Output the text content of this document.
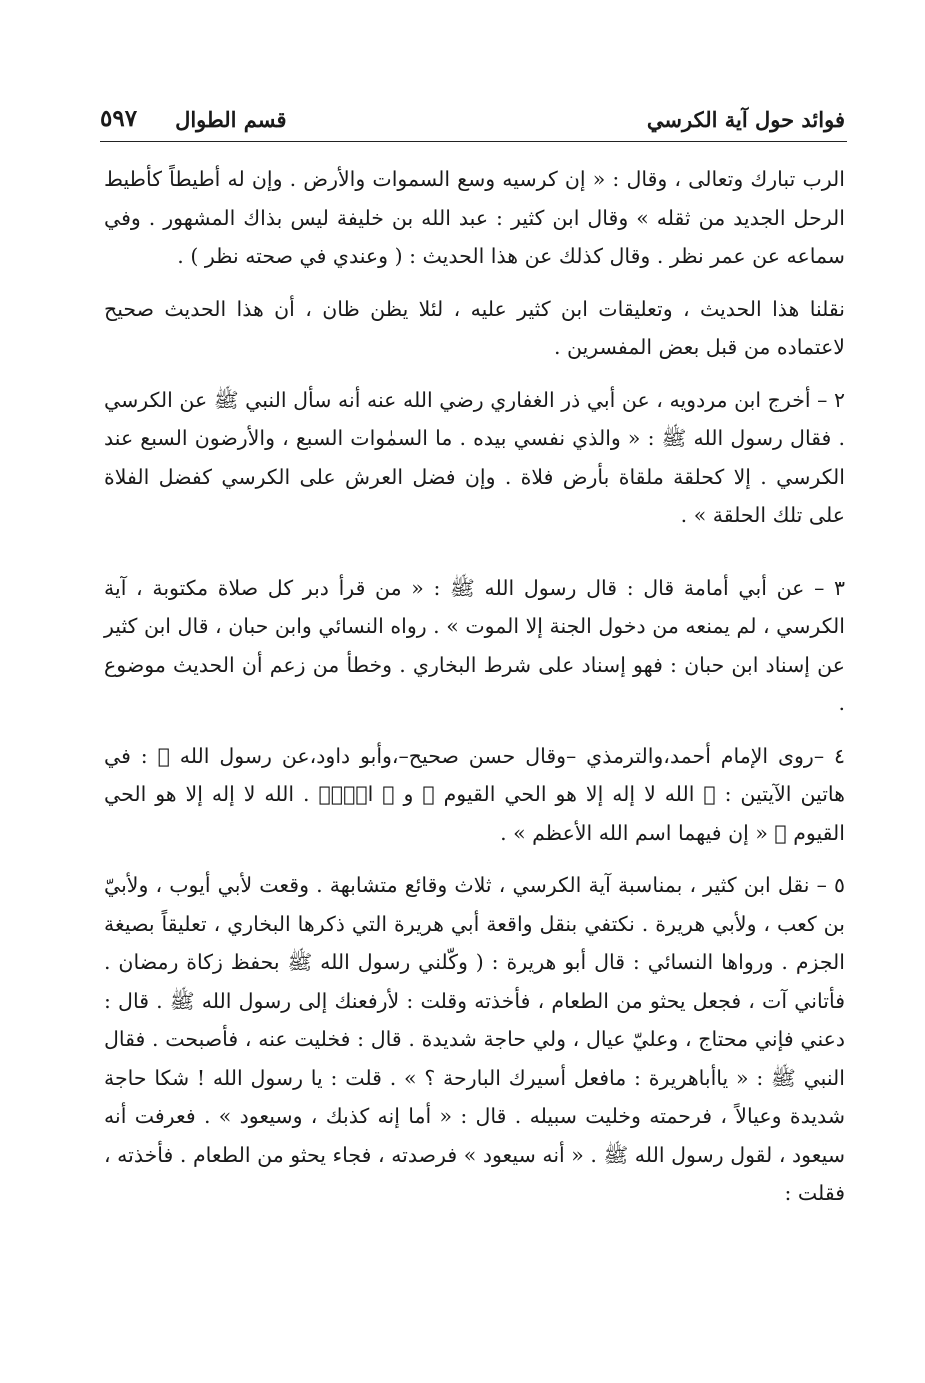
فوائد حول آية الكرسي
قسم الطوال
٥٩٧

الرب تبارك وتعالى ، وقال : « إن كرسيه وسع السموات والأرض . وإن له أطيطاً كأطيط الرحل الجديد من ثقله » وقال ابن كثير : عبد الله بن خليفة ليس بذاك المشهور . وفي سماعه عن عمر نظر . وقال كذلك عن هذا الحديث : ( وعندي في صحته نظر ) .

نقلنا هذا الحديث ، وتعليقات ابن كثير عليه ، لئلا يظن ظان ، أن هذا الحديث صحيح لاعتماده من قبل بعض المفسرين .

٢ – أخرج ابن مردويه ، عن أبي ذر الغفاري رضي الله عنه أنه سأل النبي ﷺ عن الكرسي . فقال رسول الله ﷺ : « والذي نفسي بيده . ما السمٰوات السبع ، والأرضون السبع عند الكرسي . إلا كحلقة ملقاة بأرض فلاة . وإن فضل العرش على الكرسي كفضل الفلاة على تلك الحلقة » .

٣ – عن أبي أمامة قال : قال رسول الله ﷺ : « من قرأ دبر كل صلاة مكتوبة ، آية الكرسي ، لم يمنعه من دخول الجنة إلا الموت » . رواه النسائي وابن حبان ، قال ابن كثير عن إسناد ابن حبان : فهو إسناد على شرط البخاري . وخطأ من زعم أن الحديث موضوع .

٤ –روى الإمام أحمد،والترمذي –وقال حسن صحيح–،وأبو داود،عن رسول الله ﷺ : في هاتين الآيتين : ﴿ الله لا إله إلا هو الحي القيوم ﴾ و ﴿ الۤمۤ . الله لا إله إلا هو الحي القيوم ﴾ « إن فيهما اسم الله الأعظم » .

٥ – نقل ابن كثير ، بمناسبة آية الكرسي ، ثلاث وقائع متشابهة . وقعت لأبي أيوب ، ولأبيّ بن كعب ، ولأبي هريرة . نكتفي بنقل واقعة أبي هريرة التي ذكرها البخاري ، تعليقاً بصيغة الجزم . ورواها النسائي : قال أبو هريرة : ( وكّلني رسول الله ﷺ بحفظ زكاة رمضان . فأتاني آت ، فجعل يحثو من الطعام ، فأخذته وقلت : لأرفعنك إلى رسول الله ﷺ . قال : دعني فإني محتاج ، وعليّ عيال ، ولي حاجة شديدة . قال : فخليت عنه ، فأصبحت . فقال النبي ﷺ : « ياأباهريرة : مافعل أسيرك البارحة ؟ » . قلت : يا رسول الله ! شكا حاجة شديدة وعيالاً ، فرحمته وخليت سبيله . قال : « أما إنه كذبك ، وسيعود » . فعرفت أنه سيعود ، لقول رسول الله ﷺ . « أنه سيعود » فرصدته ، فجاء يحثو من الطعام . فأخذته ، فقلت :
